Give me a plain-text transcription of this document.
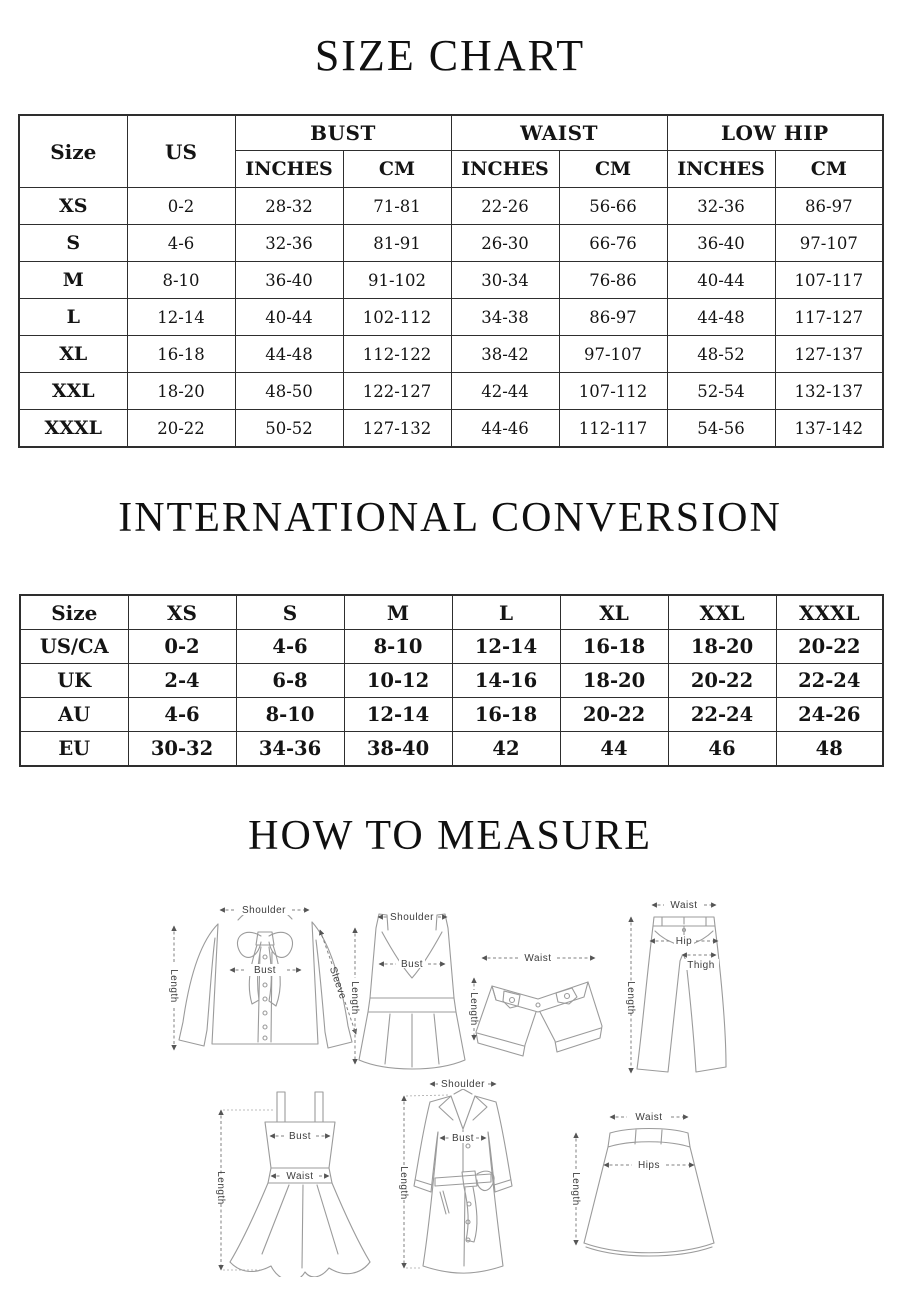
SIZE CHART
Size	US	BUST		WAIST		LOW HIP	
		INCHES	CM	INCHES	CM	INCHES	CM
XS	0-2	28-32	71-81	22-26	56-66	32-36	86-97
S	4-6	32-36	81-91	26-30	66-76	36-40	97-107
M	8-10	36-40	91-102	30-34	76-86	40-44	107-117
L	12-14	40-44	102-112	34-38	86-97	44-48	117-127
XL	16-18	44-48	112-122	38-42	97-107	48-52	127-137
XXL	18-20	48-50	122-127	42-44	107-112	52-54	132-137
XXXL	20-22	50-52	127-132	44-46	112-117	54-56	137-142
INTERNATIONAL CONVERSION
Size	XS	S	M	L	XL	XXL	XXXL
US/CA	0-2	4-6	8-10	12-14	16-18	18-20	20-22
UK	2-4	6-8	10-12	14-16	18-20	20-22	22-24
AU	4-6	8-10	12-14	16-18	20-22	22-24	24-26
EU	30-32	34-36	38-40	42	44	46	48
HOW TO MEASURE
Shoulder
Bust
Length	Sleeve
Shoulder
Bust
Length
Waist
Length
Waist
Hip
Thigh
Length
Bust
Waist
Length
Shoulder
Bust
Length
Waist
Hips
Length
